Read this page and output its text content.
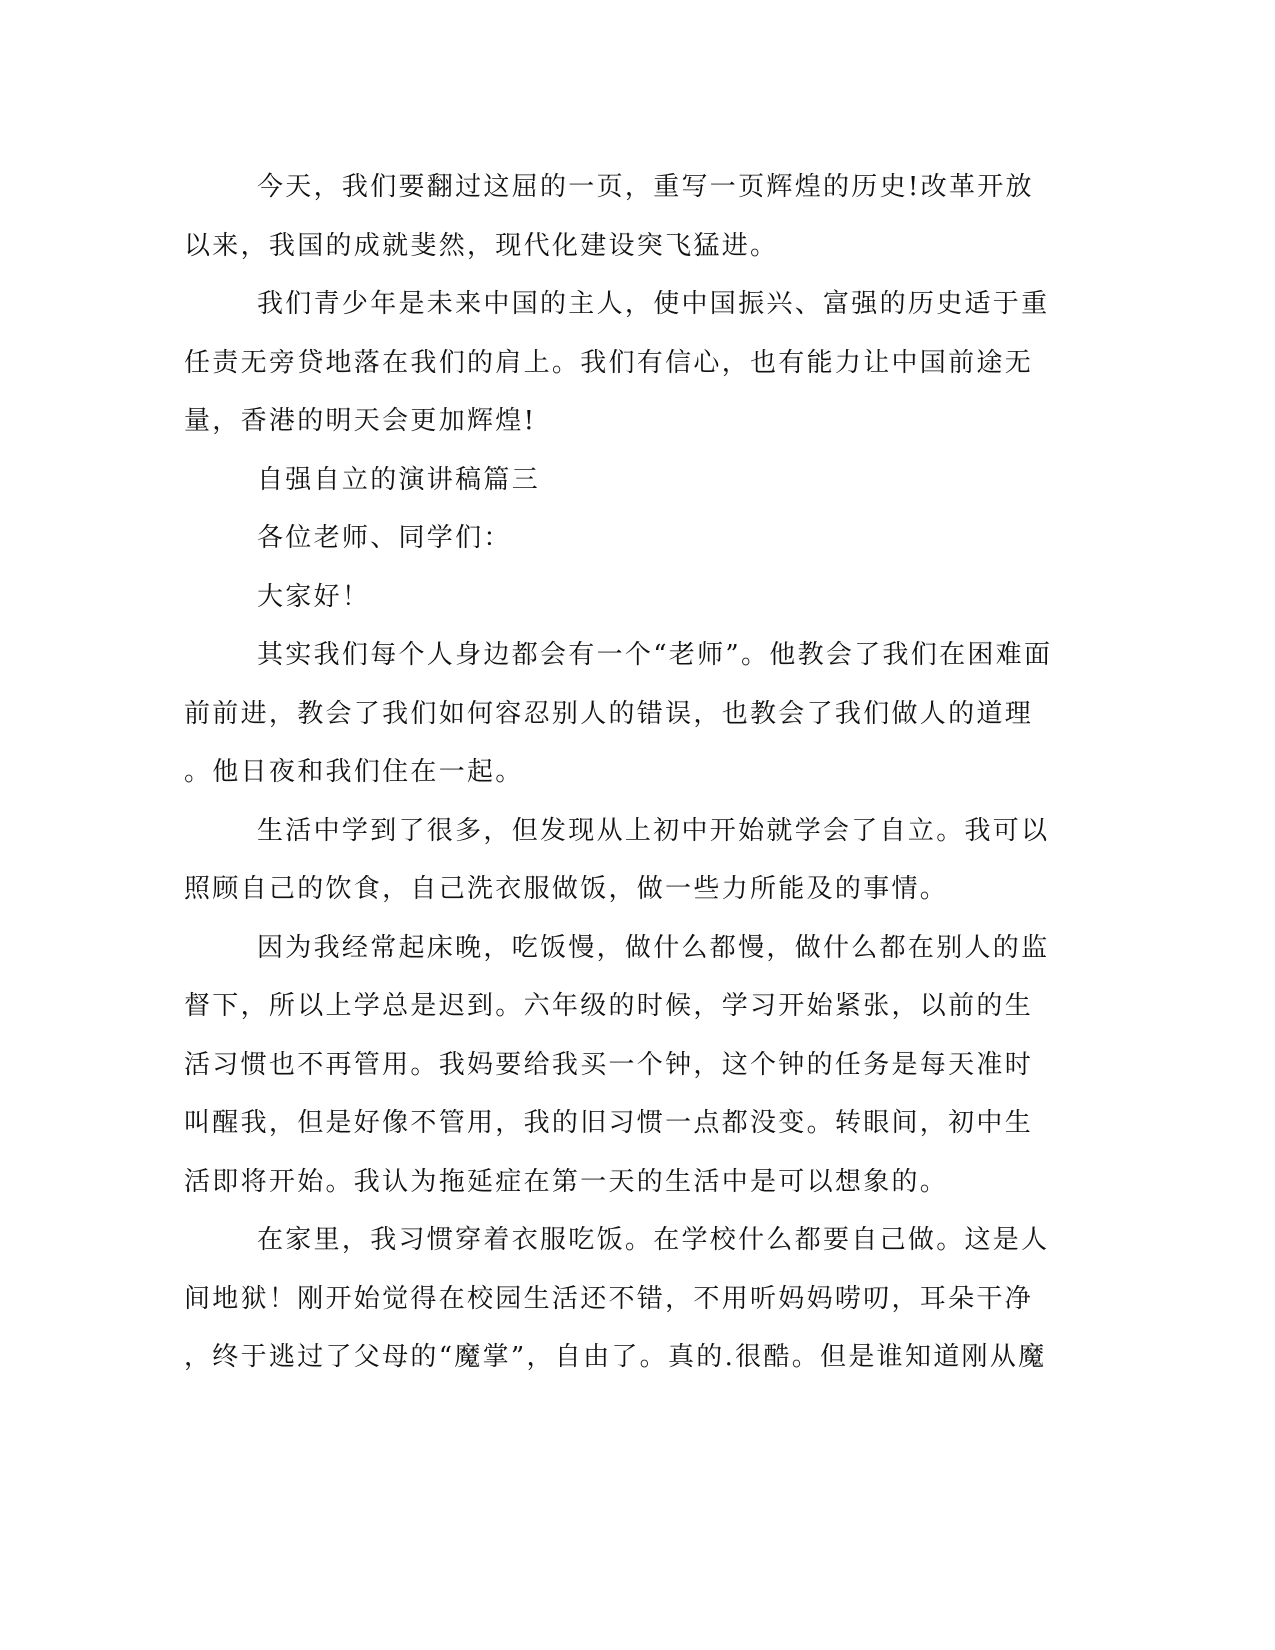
今天，我们要翻过这屈的一页，重写一页辉煌的历史!改革开放
以来，我国的成就斐然，现代化建设突飞猛进。

我们青少年是未来中国的主人，使中国振兴、富强的历史适于重
任责无旁贷地落在我们的肩上。我们有信心，也有能力让中国前途无
量，香港的明天会更加辉煌!

自强自立的演讲稿篇三

各位老师、同学们：

大家好！

其实我们每个人身边都会有一个“老师”。他教会了我们在困难面
前前进，教会了我们如何容忍别人的错误，也教会了我们做人的道理
。他日夜和我们住在一起。

生活中学到了很多，但发现从上初中开始就学会了自立。我可以
照顾自己的饮食，自己洗衣服做饭，做一些力所能及的事情。

因为我经常起床晚，吃饭慢，做什么都慢，做什么都在别人的监
督下，所以上学总是迟到。六年级的时候，学习开始紧张，以前的生
活习惯也不再管用。我妈要给我买一个钟，这个钟的任务是每天准时
叫醒我，但是好像不管用，我的旧习惯一点都没变。转眼间，初中生
活即将开始。我认为拖延症在第一天的生活中是可以想象的。

在家里，我习惯穿着衣服吃饭。在学校什么都要自己做。这是人
间地狱！刚开始觉得在校园生活还不错，不用听妈妈唠叨，耳朵干净
，终于逃过了父母的“魔掌”，自由了。真的.很酷。但是谁知道刚从魔
